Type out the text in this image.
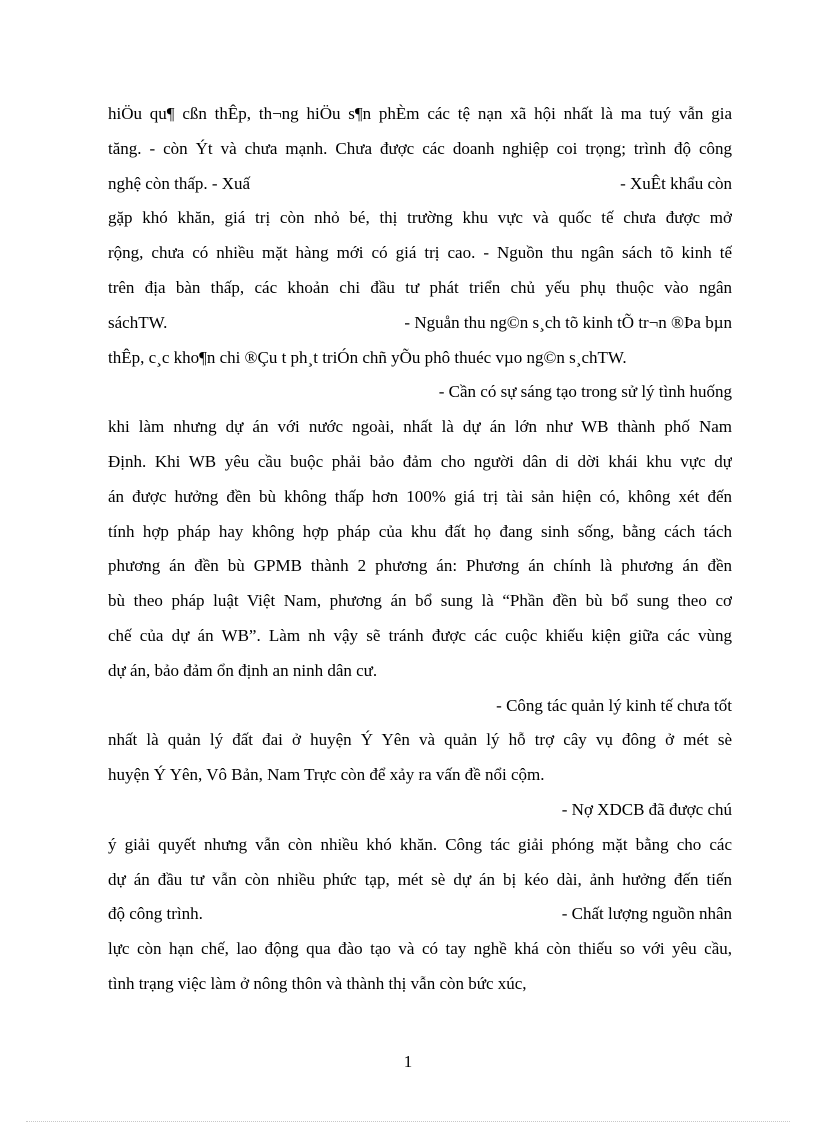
hiÖu qu¶ cßn thÊp, th¬ng hiÖu s¶n phÈm các tệ nạn xã hội nhất là ma tuý vẫn gia
tăng. - còn Ýt và chưa mạnh. Chưa được các doanh nghiệp coi trọng; trình độ công
nghệ còn thấp. - Xuấ	- XuÊt khẩu còn
gặp khó khăn, giá trị còn nhỏ bé, thị trường khu vực và quốc tế chưa được mở
rộng, chưa có nhiều mặt hàng mới có giá trị cao. - Nguồn thu ngân sách tõ kinh tế
trên địa bàn thấp, các khoản chi đầu tư phát triển chủ yếu phụ thuộc vào ngân
sáchTW.	- Nguån thu ng©n s¸ch tõ kinh tÕ tr¬n ®Þa bµn
thÊp, c¸c kho¶n chi ®Çu t ph¸t triÓn chñ yÕu phô thuéc vµo ng©n s¸chTW.
- Cần có sự sáng tạo trong sử lý tình huống
khi làm nhưng dự án với nước ngoài, nhất là dự án lớn như WB thành phố Nam
Định. Khi WB yêu cầu buộc phải bảo đảm cho người dân di dời khái khu vực dự
án được hưởng đền bù không thấp hơn 100% giá trị tài sản hiện có, không xét đến
tính hợp pháp hay không hợp pháp của khu đất họ đang sinh sống, bằng cách tách
phương án đền bù GPMB thành 2 phương án: Phương án chính là phương án đền
bù theo pháp luật Việt Nam, phương án bổ sung là “Phần đền bù bổ sung theo cơ
chế của dự án WB”. Làm nh vậy sẽ tránh được các cuộc khiếu kiện giữa các vùng
dự án, bảo đảm ổn định an ninh dân cư.
- Công tác quản lý kinh tế chưa tốt
nhất là quản lý đất đai ở huyện Ý Yên và quản lý hỗ trợ cây vụ đông ở mét sè
huyện Ý Yên, Vô Bản, Nam Trực còn để xảy ra vấn đề nổi cộm.
- Nợ XDCB đã được chú
ý giải quyết nhưng vẫn còn nhiều khó khăn. Công tác giải phóng mặt bằng cho các
dự án đầu tư vẫn còn nhiều phức tạp, mét sè dự án bị kéo dài, ảnh hưởng đến tiến
độ công trình.	- Chất lượng nguồn nhân
lực còn hạn chế, lao động qua đào tạo và có tay nghề khá còn thiếu so với yêu cầu,
tình trạng việc làm ở nông thôn và thành thị vẫn còn bức xúc,
1
